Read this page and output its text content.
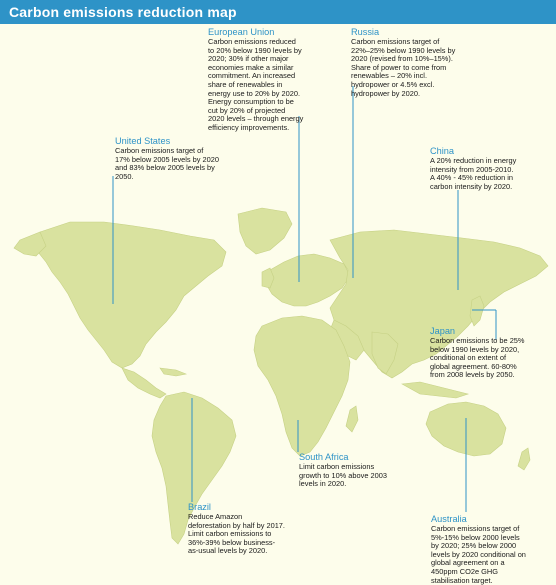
Carbon emissions reduction map
European Union
Carbon emissions reduced
to 20% below 1990 levels by
2020; 30% if other major
economies make a similar
commitment. An increased
share of renewables in
energy use to 20% by 2020.
Energy consumption to be
cut by 20% of projected
2020 levels – through energy
efficiency improvements.
Russia
Carbon emissions target of
22%–25% below 1990 levels by
2020 (revised from 10%–15%).
Share of power to come from
renewables – 20% incl.
hydropower or 4.5% excl.
hydropower by 2020.
United States
Carbon emissions target of
17% below 2005 levels by 2020
and 83% below 2005 levels by
2050.
China
A 20% reduction in energy
intensity from 2005-2010.
A 40% - 45% reduction in
carbon intensity by 2020.
Japan
Carbon emissions to be 25%
below 1990 levels by 2020,
conditional on extent of
global agreement. 60-80%
from 2008 levels by 2050.
South Africa
Limit carbon emissions
growth to 10% above 2003
levels in 2020.
Brazil
Reduce Amazon
deforestation by half by 2017.
Limit carbon emissions to
36%-39% below business-
as-usual levels by 2020.
Australia
Carbon emissions target of
5%-15% below 2000 levels
by 2020; 25% below 2000
levels by 2020 conditional on
global agreement on a
450ppm CO2e GHG
stabilisation target.
